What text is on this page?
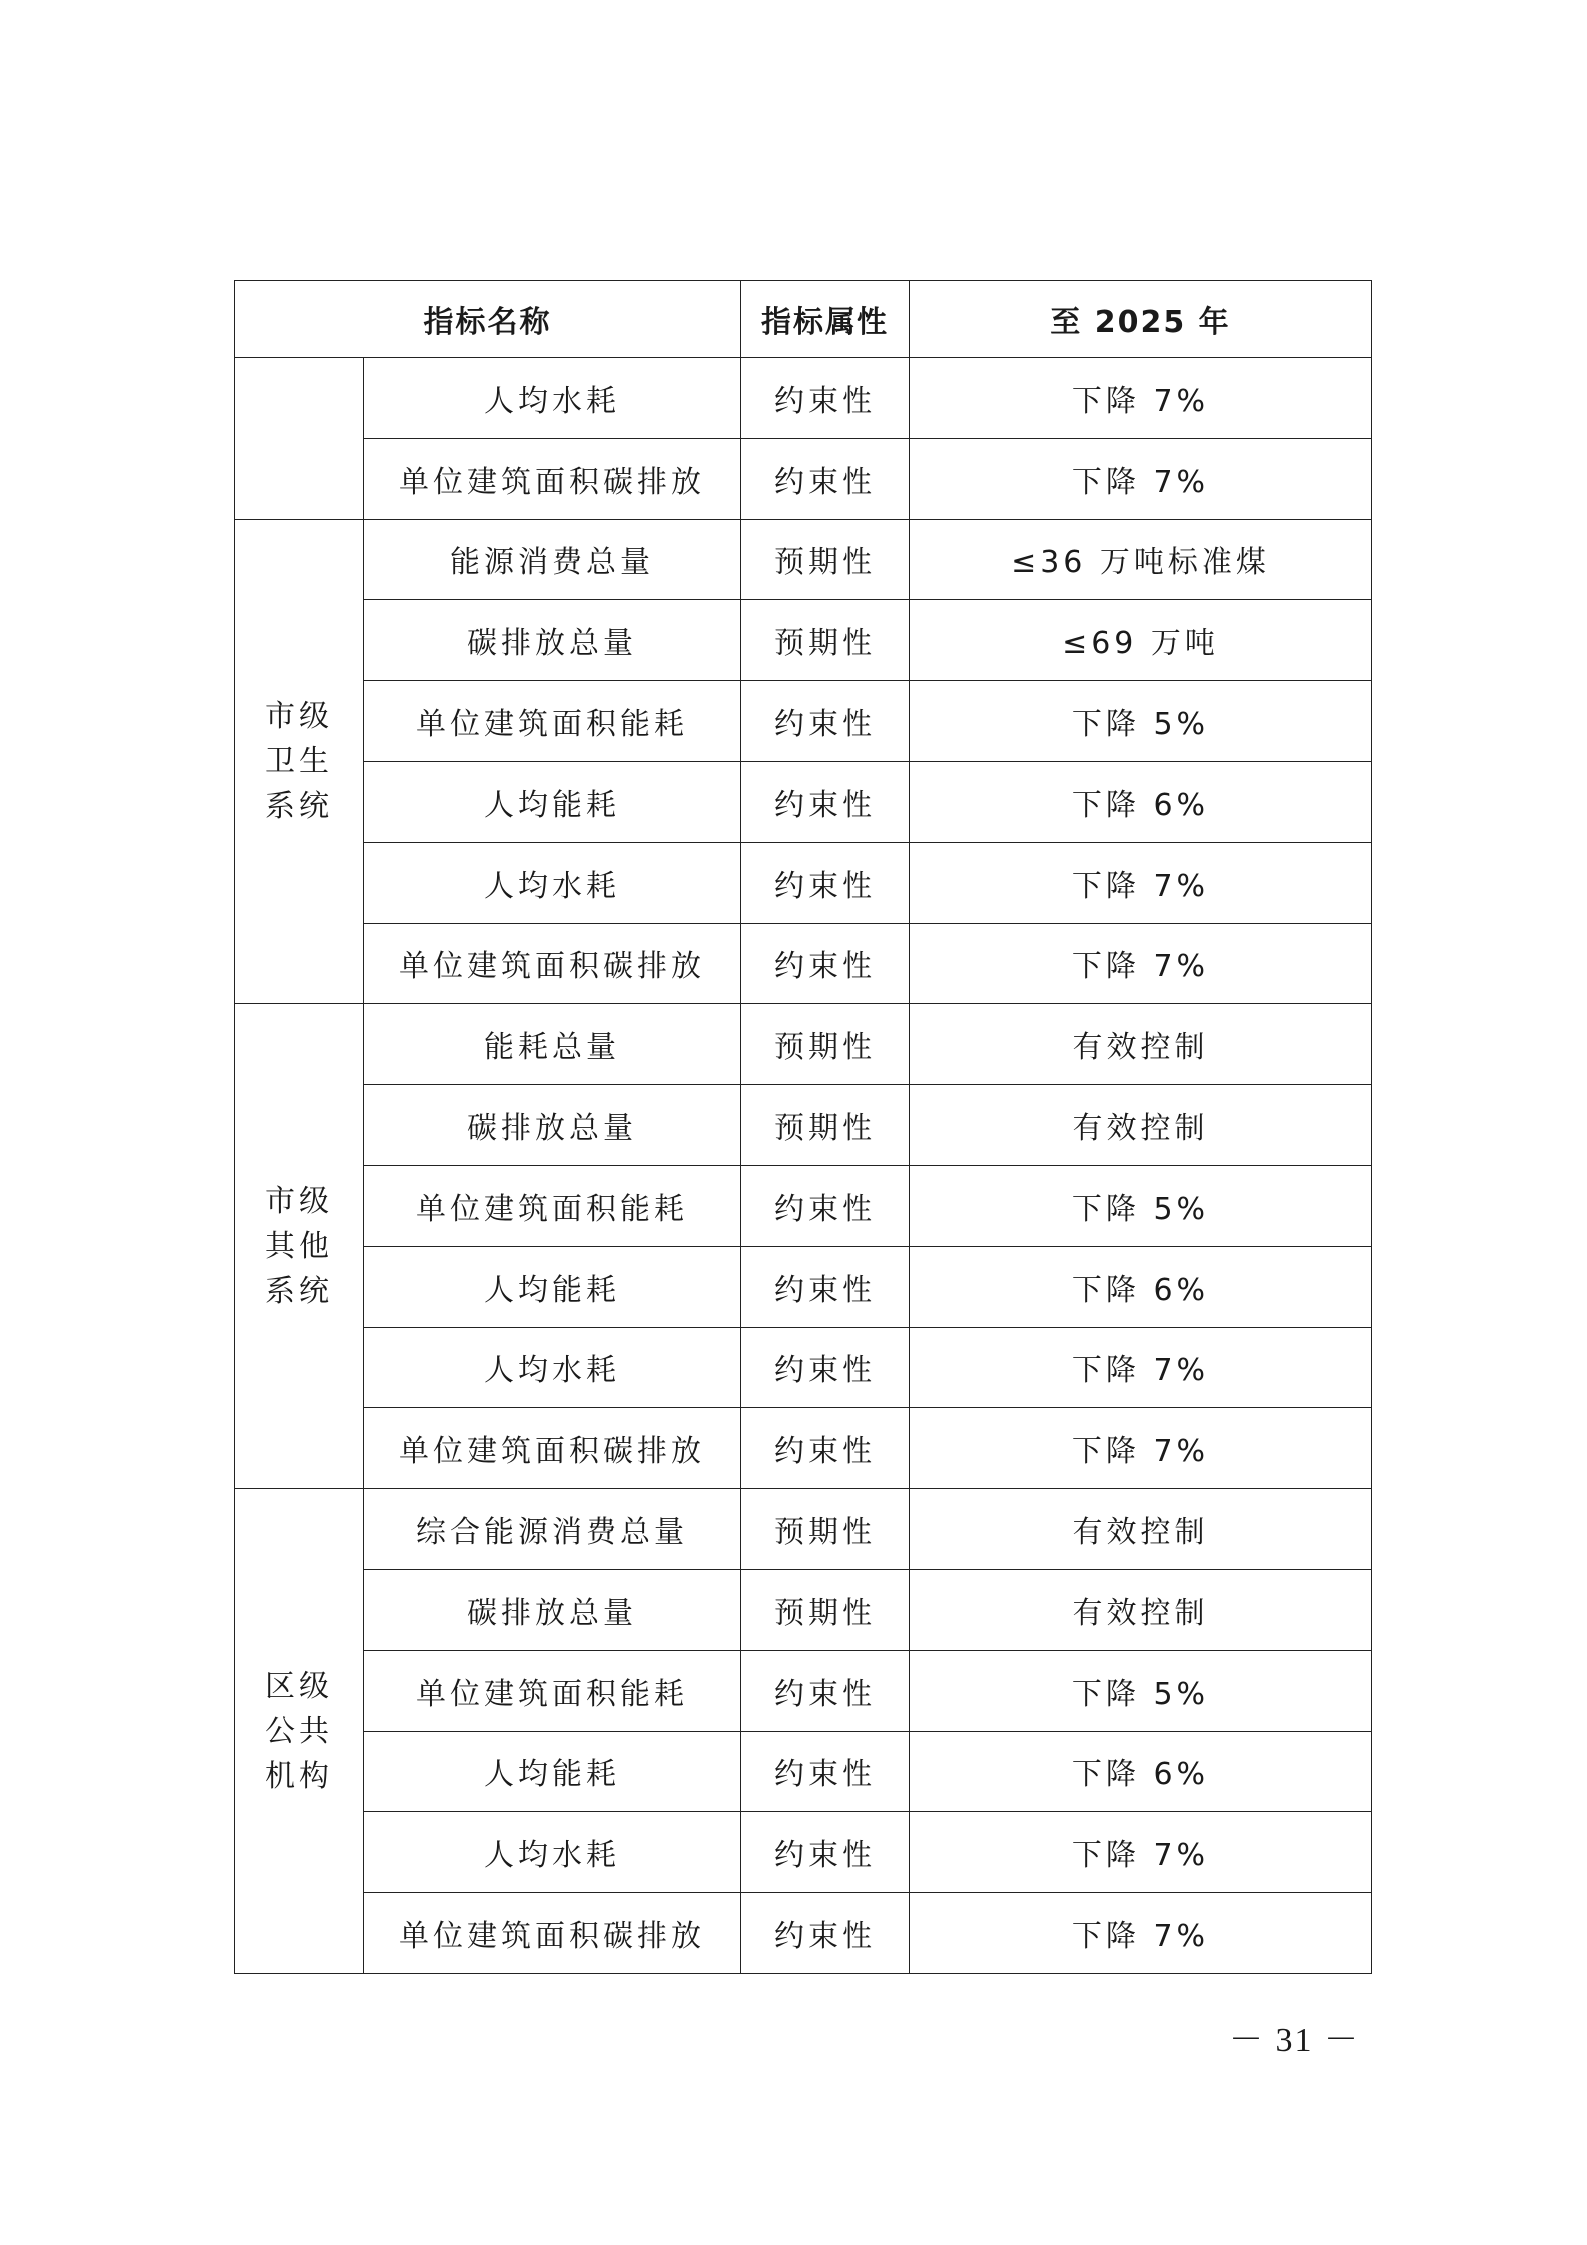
指标名称		指标属性	至 2025 年
	人均水耗	约束性	下降 7%
	单位建筑面积碳排放	约束性	下降 7%

市级
卫生
系统	能源消费总量	预期性	≤36 万吨标准煤
	碳排放总量	预期性	≤69 万吨
	单位建筑面积能耗	约束性	下降 5%
	人均能耗	约束性	下降 6%
	人均水耗	约束性	下降 7%
	单位建筑面积碳排放	约束性	下降 7%

市级
其他
系统	能耗总量	预期性	有效控制
	碳排放总量	预期性	有效控制
	单位建筑面积能耗	约束性	下降 5%
	人均能耗	约束性	下降 6%
	人均水耗	约束性	下降 7%
	单位建筑面积碳排放	约束性	下降 7%

区级
公共
机构	综合能源消费总量	预期性	有效控制
	碳排放总量	预期性	有效控制
	单位建筑面积能耗	约束性	下降 5%
	人均能耗	约束性	下降 6%
	人均水耗	约束性	下降 7%
	单位建筑面积碳排放	约束性	下降 7%
－ 31 －
